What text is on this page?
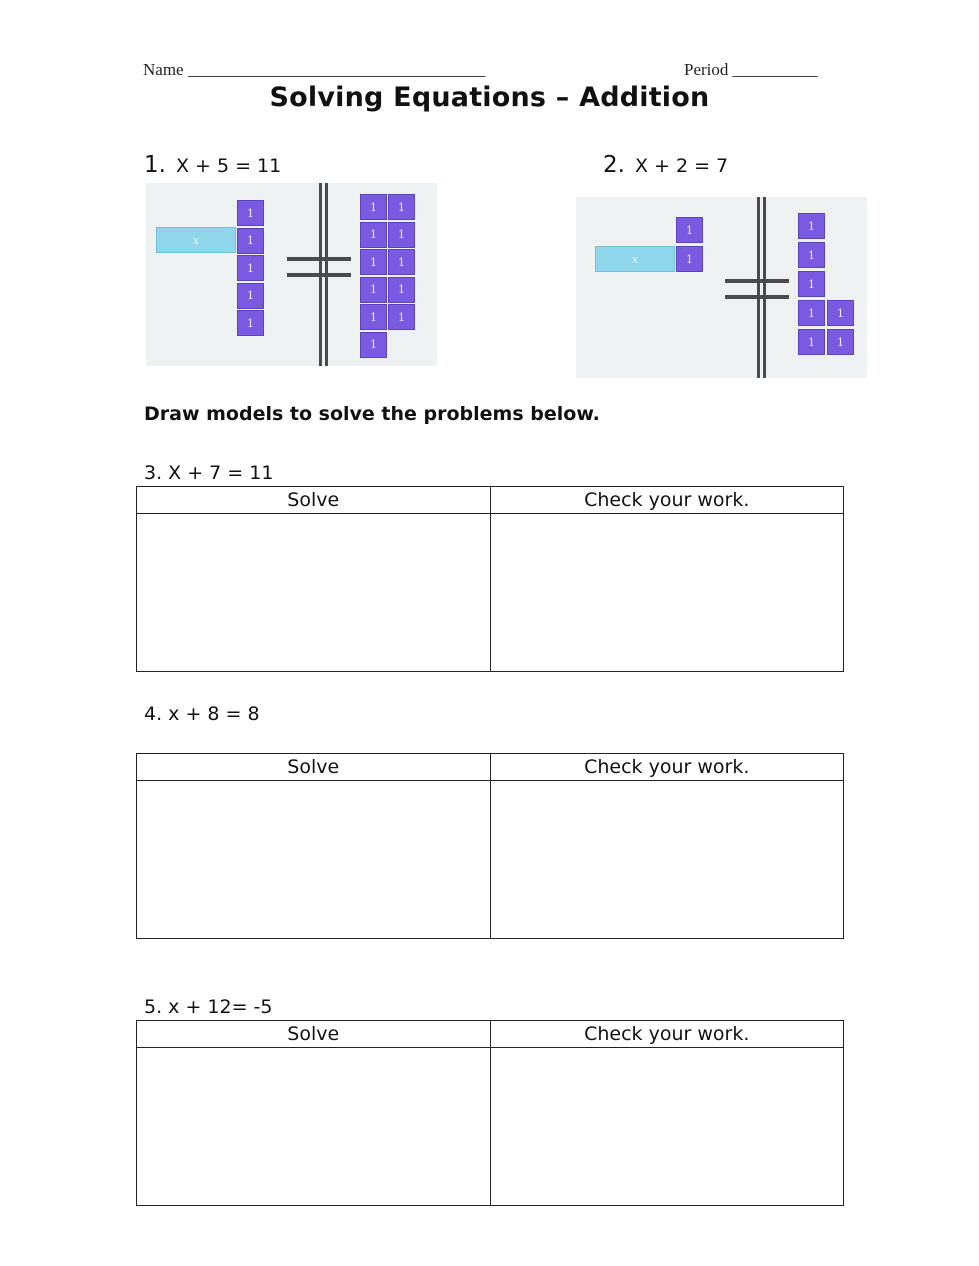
Name ___________________________________	Period __________
Solving Equations – Addition
1. X + 5 = 11
x
1
1
1
1
1
1
1
1
1
1
1
1
1
1
1
1
2. X + 2 = 7
x
1
1
1
1
1
1
1
1
1
Draw models to solve the problems below.
3. X + 7 = 11
Solve	Check your work.

4. x + 8 = 8
Solve	Check your work.

5. x + 12= -5
Solve	Check your work.
